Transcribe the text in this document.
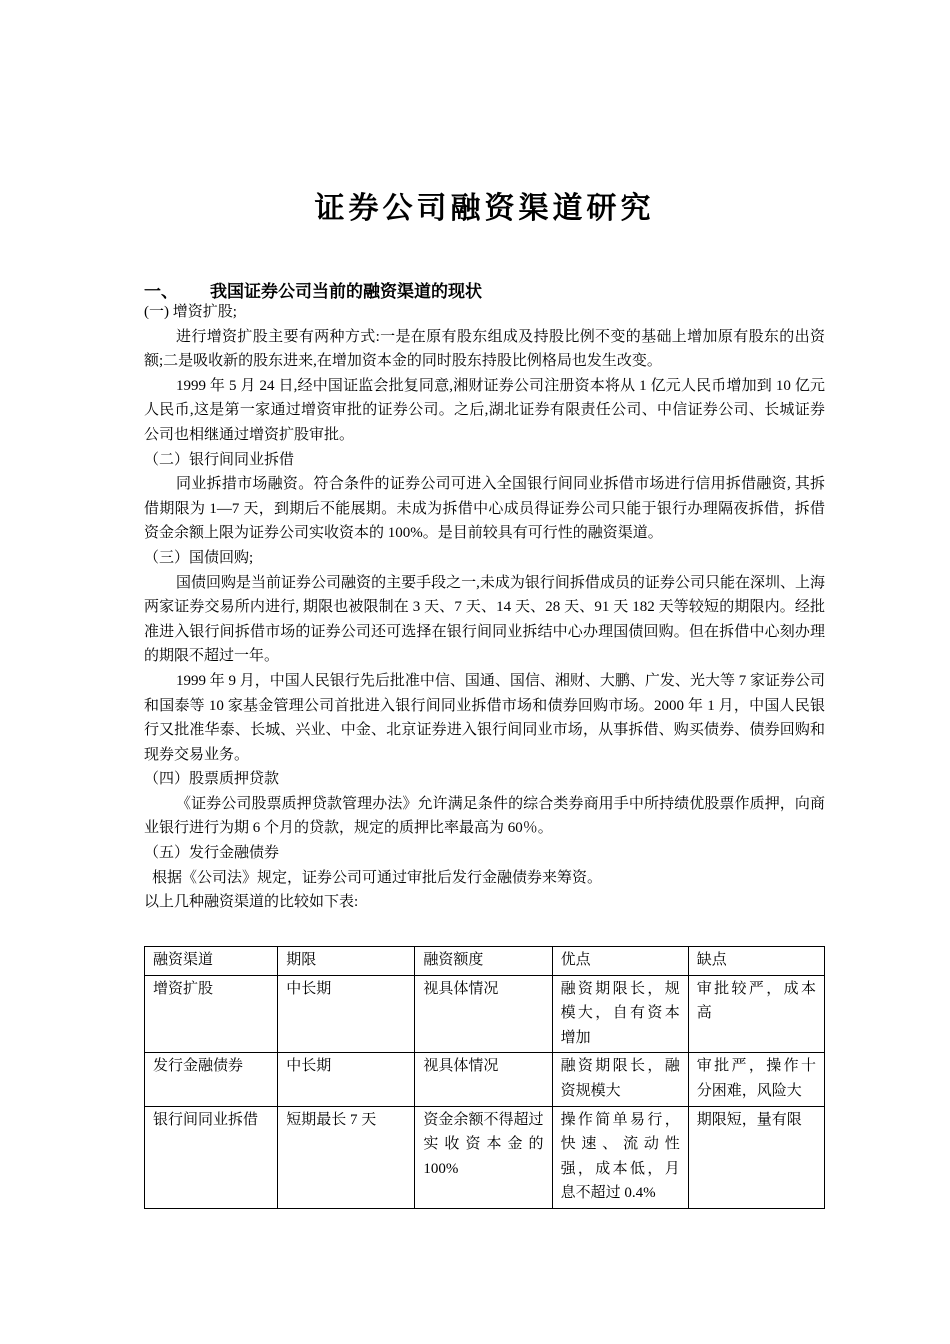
证券公司融资渠道研究
一、 我国证券公司当前的融资渠道的现状

(一) 增资扩股;

进行增资扩股主要有两种方式:一是在原有股东组成及持股比例不变的基础上增加原有股东的出资额;二是吸收新的股东进来,在增加资本金的同时股东持股比例格局也发生改变。

1999 年 5 月 24 日,经中国证监会批复同意,湘财证券公司注册资本将从 1 亿元人民币增加到 10 亿元人民币,这是第一家通过增资审批的证券公司。之后,湖北证券有限责任公司、中信证券公司、长城证券公司也相继通过增资扩股审批。

（二）银行间同业拆借

同业拆措市场融资。符合条件的证券公司可进入全国银行间同业拆借市场进行信用拆借融资, 其拆借期限为 1—7 天，到期后不能展期。未成为拆借中心成员得证券公司只能于银行办理隔夜拆借，拆借资金余额上限为证券公司实收资本的 100%。是目前较具有可行性的融资渠道。

（三）国债回购;

国债回购是当前证券公司融资的主要手段之一,未成为银行间拆借成员的证券公司只能在深圳、上海两家证券交易所内进行, 期限也被限制在 3 天、7 天、14 天、28 天、91 天 182 天等较短的期限内。经批准进入银行间拆借市场的证券公司还可选择在银行间同业拆结中心办理国债回购。但在拆借中心刻办理的期限不超过一年。

1999 年 9 月，中国人民银行先后批准中信、国通、国信、湘财、大鹏、广发、光大等 7 家证券公司和国泰等 10 家基金管理公司首批进入银行间同业拆借市场和债券回购市场。2000 年 1 月，中国人民银行又批准华泰、长城、兴业、中金、北京证券进入银行间同业市场，从事拆借、购买债券、债券回购和现券交易业务。

（四）股票质押贷款

《证券公司股票质押贷款管理办法》允许满足条件的综合类券商用手中所持绩优股票作质押，向商业银行进行为期 6 个月的贷款，规定的质押比率最高为 60％。

（五）发行金融债券

根据《公司法》规定，证券公司可通过审批后发行金融债券来筹资。

以上几种融资渠道的比较如下表:

融资渠道	期限	融资额度	优点	缺点
增资扩股	中长期	视具体情况	融资期限长，规模大，自有资本增加	审批较严，成本高
发行金融债券	中长期	视具体情况	融资期限长，融资规模大	审批严，操作十分困难，风险大
银行间同业拆借	短期最长 7 天	资金余额不得超过实收资本金的 100%	操作简单易行，快速、流动性强，成本低，月息不超过 0.4%	期限短，量有限
